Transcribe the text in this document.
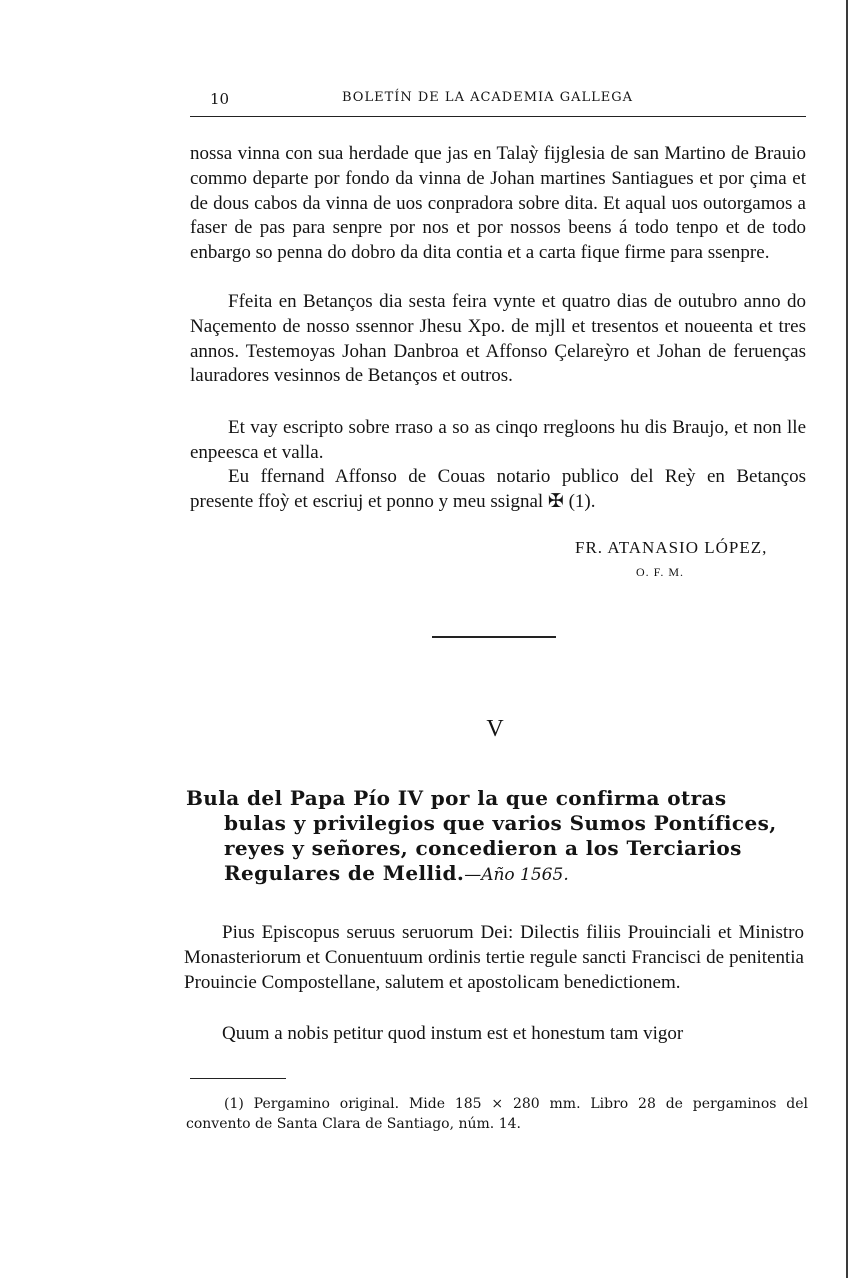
10	BOLETÍN DE LA ACADEMIA GALLEGA

nossa vinna con sua herdade que jas en Talaỳ fijglesia de san Martino de Brauio commo departe por fondo da vinna de Johan martines Santiagues et por çima et de dous cabos da vinna de uos conpradora sobre dita. Et aqual uos outorgamos a faser de pas para senpre por nos et por nossos beens á todo tenpo et de todo enbargo so penna do dobro da dita contia et a carta fique firme para ssenpre.

Ffeita en Betanços dia sesta feira vynte et quatro dias de outubro anno do Naçemento de nosso ssennor Jhesu Xpo. de mjll et tresentos et noueenta et tres annos. Testemoyas Johan Danbroa et Affonso Çelareỳro et Johan de feruenças lauradores vesinnos de Betanços et outros.

Et vay escripto sobre rraso a so as cinqo rregloons hu dis Braujo, et non lle enpeesca et valla.

Eu ffernand Affonso de Couas notario publico del Reỳ en Betanços presente ffoỳ et escriuj et ponno y meu ssignal ✠ (1).

FR. ATANASIO LÓPEZ,
O. F. M.
V
Bula del Papa Pío IV por la que confirma otras
bulas y privilegios que varios Sumos Pontífices,
reyes y señores, concedieron a los Terciarios
Regulares de Mellid.—Año 1565.

Pius Episcopus seruus seruorum Dei: Dilectis filiis Prouinciali et Ministro Monasteriorum et Conuentuum ordinis tertie regule sancti Francisci de penitentia Prouincie Compostellane, salutem et apostolicam benedictionem.

Quum a nobis petitur quod instum est et honestum tam vigor

(1) Pergamino original. Mide 185 × 280 mm. Libro 28 de pergaminos del convento de Santa Clara de Santiago, núm. 14.
